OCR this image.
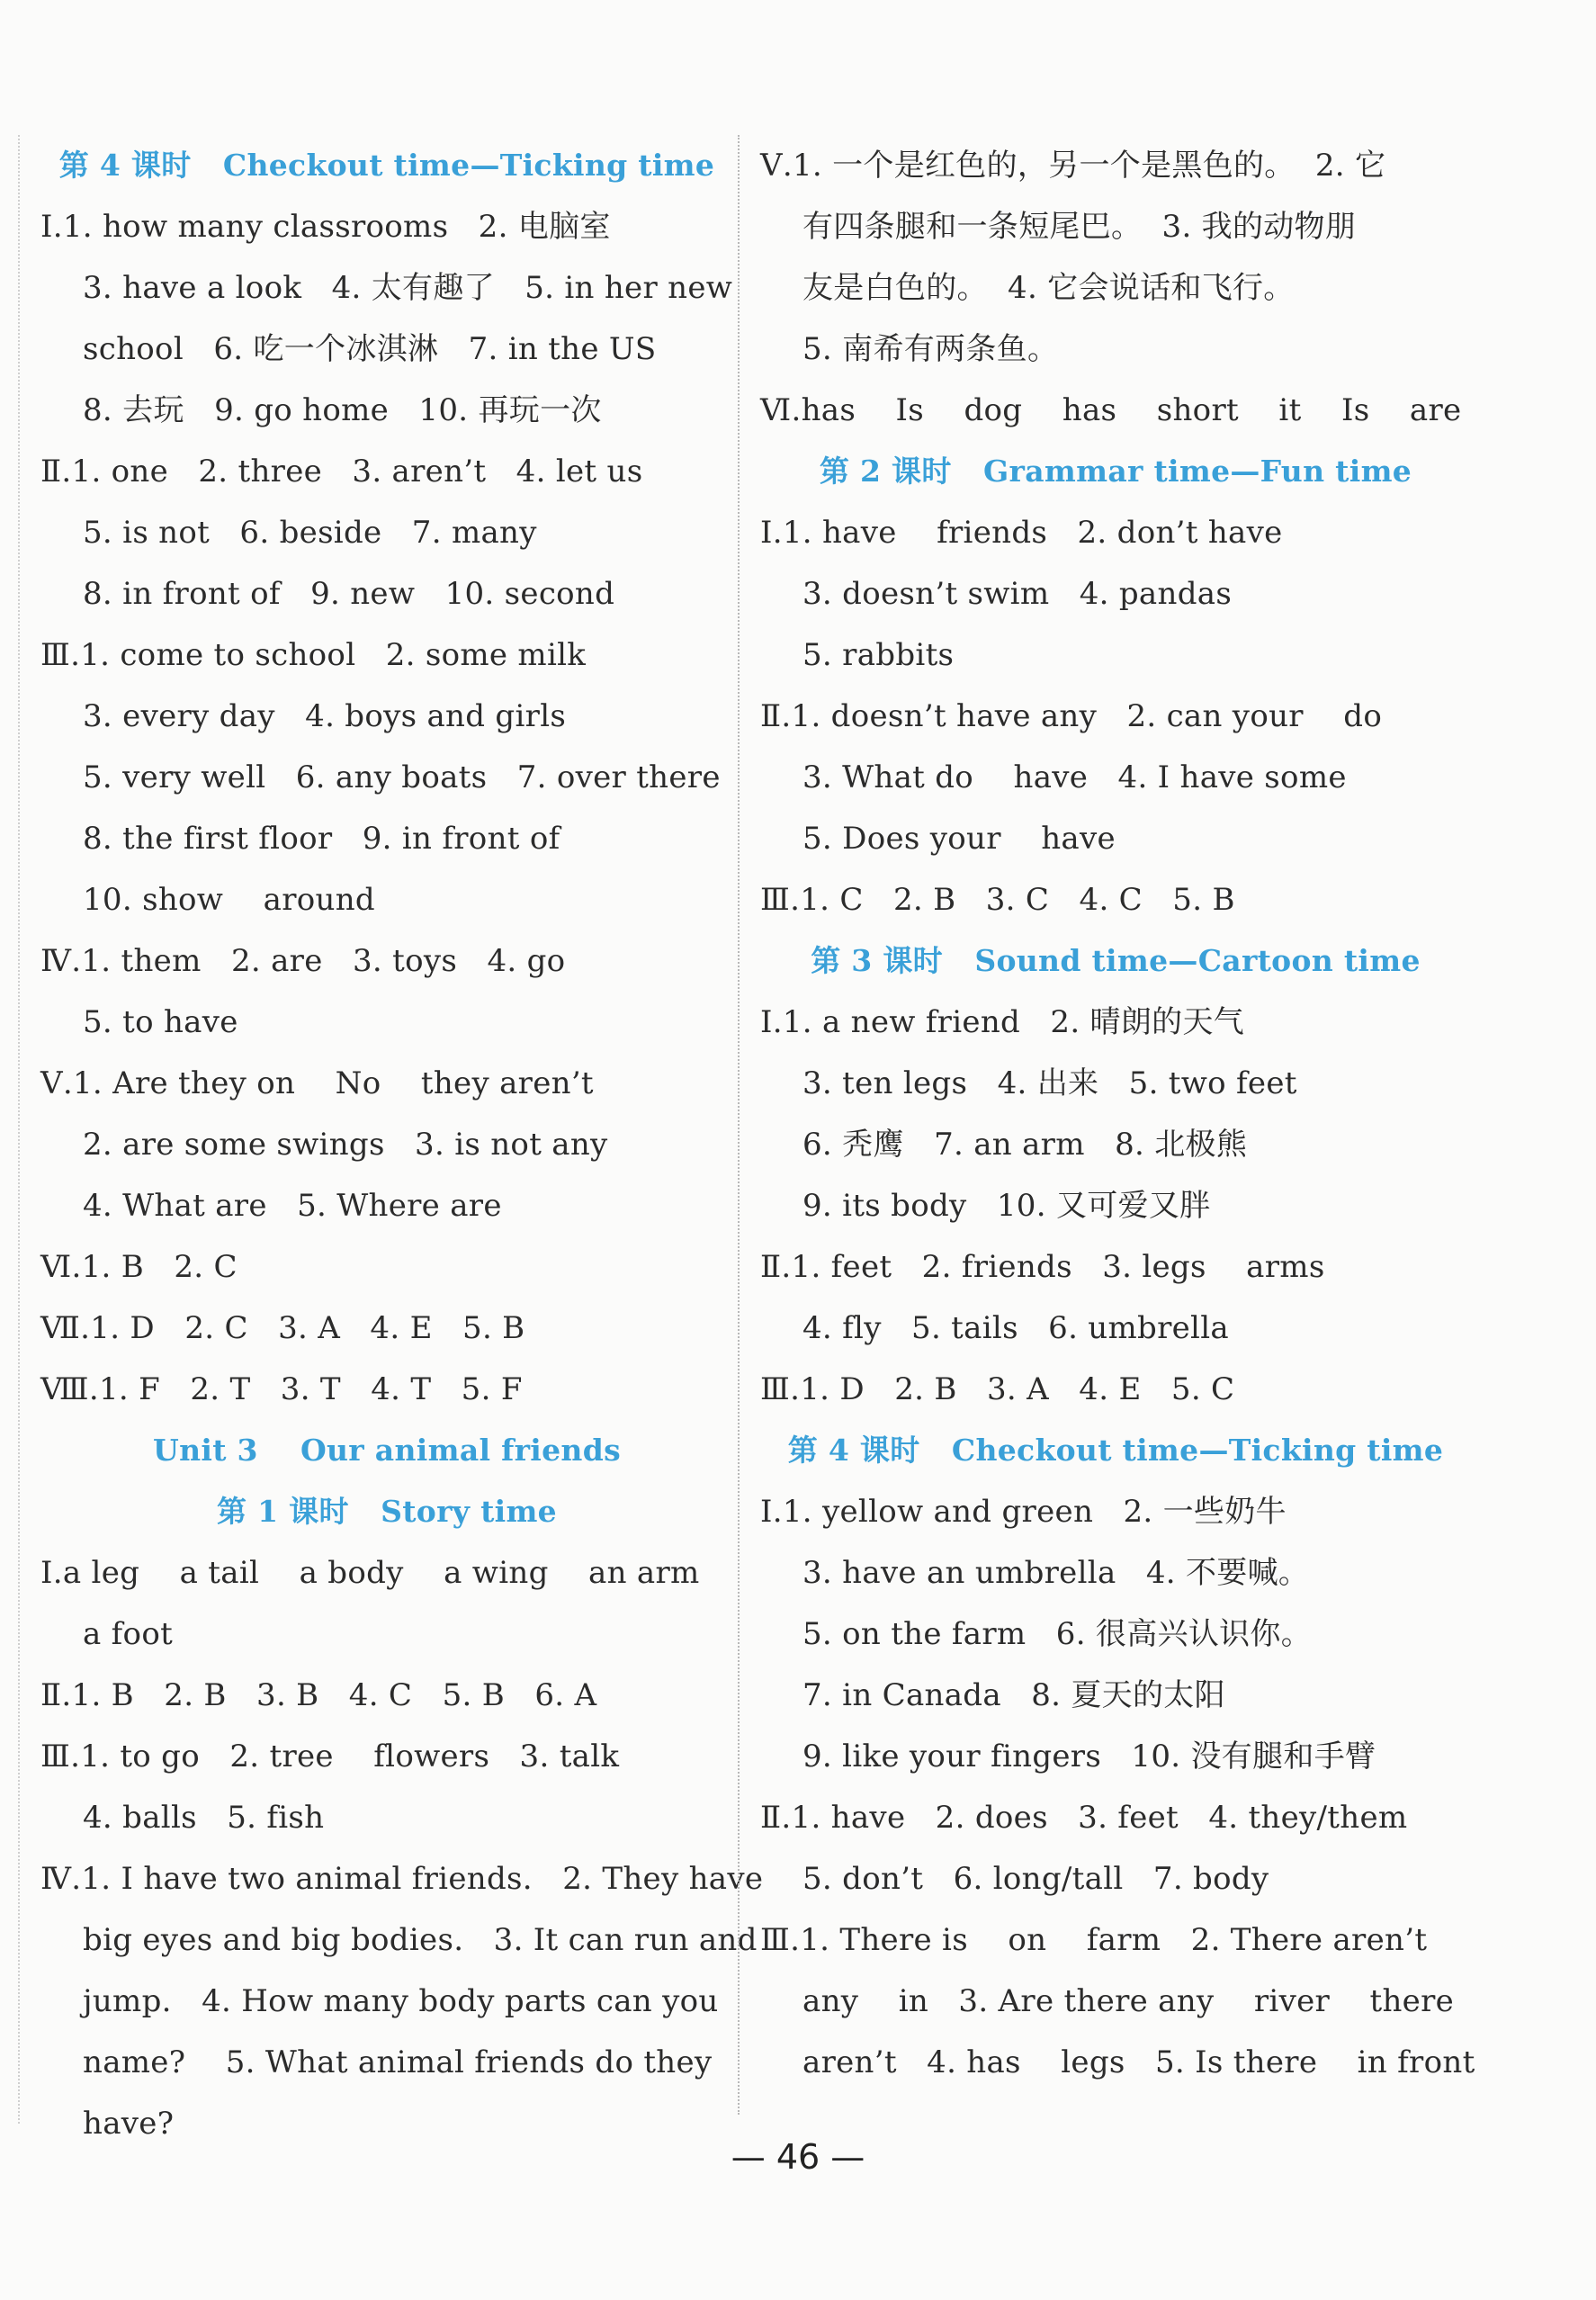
第 4 课时   Checkout time—Ticking time
Ⅰ.1. how many classrooms   2. 电脑室
3. have a look   4. 太有趣了   5. in her new
school   6. 吃一个冰淇淋   7. in the US
8. 去玩   9. go home   10. 再玩一次
Ⅱ.1. one   2. three   3. aren’t   4. let us
5. is not   6. beside   7. many
8. in front of   9. new   10. second
Ⅲ.1. come to school   2. some milk
3. every day   4. boys and girls
5. very well   6. any boats   7. over there
8. the first floor   9. in front of
10. show    around
Ⅳ.1. them   2. are   3. toys   4. go
5. to have
Ⅴ.1. Are they on    No    they aren’t
2. are some swings   3. is not any
4. What are   5. Where are
Ⅵ.1. B   2. C
Ⅶ.1. D   2. C   3. A   4. E   5. B
Ⅷ.1. F   2. T   3. T   4. T   5. F
Unit 3    Our animal friends
第 1 课时   Story time
Ⅰ.a leg    a tail    a body    a wing    an arm
a foot
Ⅱ.1. B   2. B   3. B   4. C   5. B   6. A
Ⅲ.1. to go   2. tree    flowers   3. talk
4. balls   5. fish
Ⅳ.1. I have two animal friends.   2. They have
big eyes and big bodies.   3. It can run and
jump.   4. How many body parts can you
name?    5. What animal friends do they
have?
Ⅴ.1. 一个是红色的，另一个是黑色的。  2. 它
有四条腿和一条短尾巴。  3. 我的动物朋
友是白色的。  4. 它会说话和飞行。
5. 南希有两条鱼。
Ⅵ.has    Is    dog    has    short    it    Is    are
第 2 课时   Grammar time—Fun time
Ⅰ.1. have    friends   2. don’t have
3. doesn’t swim   4. pandas
5. rabbits
Ⅱ.1. doesn’t have any   2. can your    do
3. What do    have   4. I have some
5. Does your    have
Ⅲ.1. C   2. B   3. C   4. C   5. B
第 3 课时   Sound time—Cartoon time
Ⅰ.1. a new friend   2. 晴朗的天气
3. ten legs   4. 出来   5. two feet
6. 秃鹰   7. an arm   8. 北极熊
9. its body   10. 又可爱又胖
Ⅱ.1. feet   2. friends   3. legs    arms
4. fly   5. tails   6. umbrella
Ⅲ.1. D   2. B   3. A   4. E   5. C
第 4 课时   Checkout time—Ticking time
Ⅰ.1. yellow and green   2. 一些奶牛
3. have an umbrella   4. 不要喊。
5. on the farm   6. 很高兴认识你。
7. in Canada   8. 夏天的太阳
9. like your fingers   10. 没有腿和手臂
Ⅱ.1. have   2. does   3. feet   4. they/them
5. don’t   6. long/tall   7. body
Ⅲ.1. There is    on    farm   2. There aren’t
any    in   3. Are there any    river    there
aren’t   4. has    legs   5. Is there    in front
— 46 —
